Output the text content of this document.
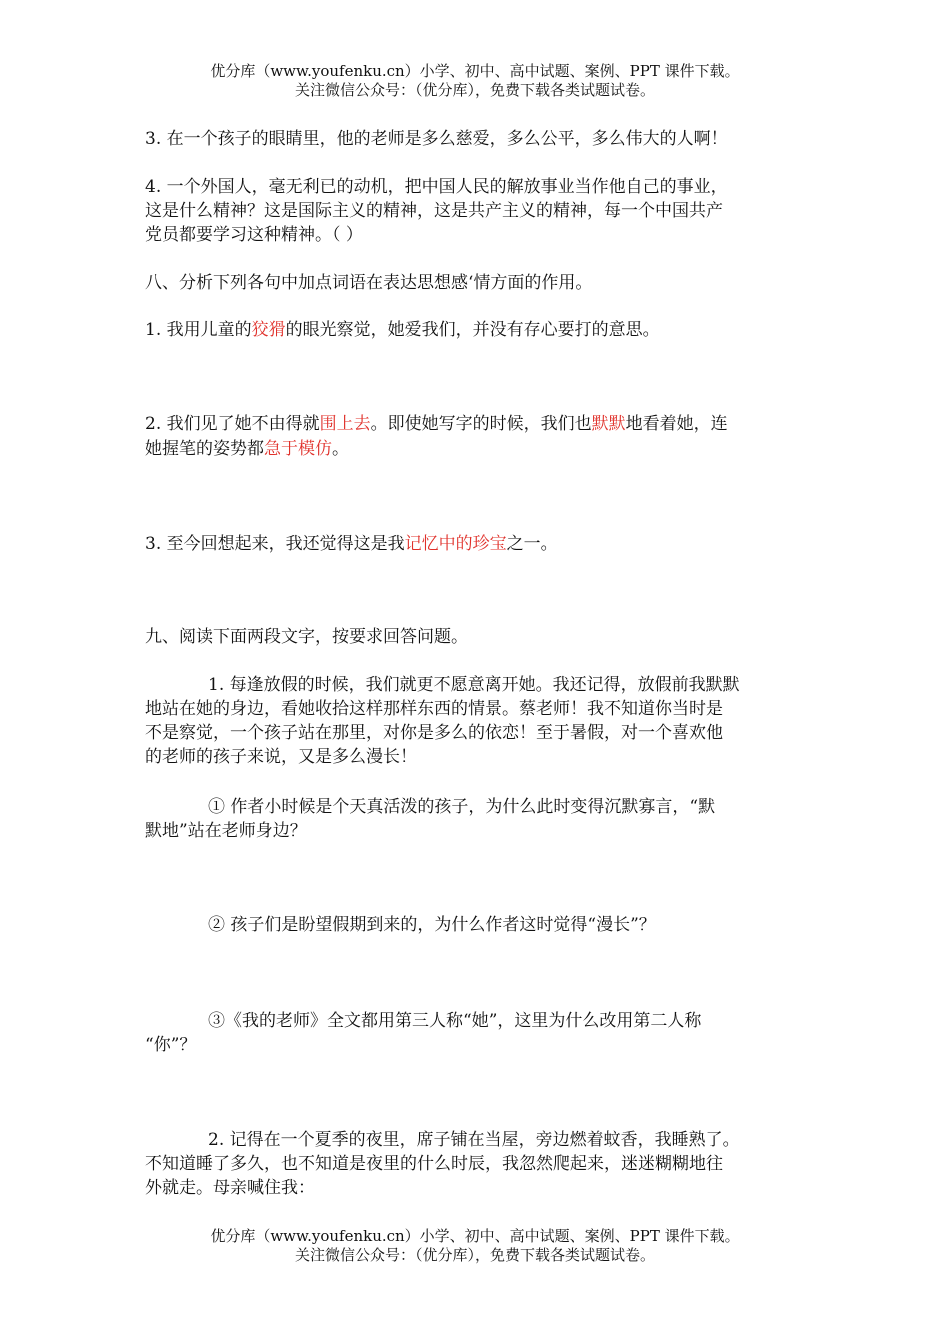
优分库（www.youfenku.cn）小学、初中、高中试题、案例、PPT 课件下载。
关注微信公众号：（优分库），免费下载各类试题试卷。
3. 在一个孩子的眼睛里，他的老师是多么慈爱，多么公平，多么伟大的人啊！
4. 一个外国人，毫无利已的动机，把中国人民的解放事业当作他自己的事业，
这是什么精神？这是国际主义的精神，这是共产主义的精神，每一个中国共产
党员都要学习这种精神。（ ）
八、分析下列各句中加点词语在表达思想感‘情方面的作用。
1. 我用儿童的狡猾的眼光察觉，她爱我们，并没有存心要打的意思。
2. 我们见了她不由得就围上去。即使她写字的时候，我们也默默地看着她，连
她握笔的姿势都急于模仿。
3. 至今回想起来，我还觉得这是我记忆中的珍宝之一。
九、阅读下面两段文字，按要求回答问题。
1. 每逢放假的时候，我们就更不愿意离开她。我还记得，放假前我默默
地站在她的身边，看她收拾这样那样东西的情景。蔡老师！我不知道你当时是
不是察觉，一个孩子站在那里，对你是多么的依恋！至于暑假，对一个喜欢他
的老师的孩子来说，又是多么漫长！
① 作者小时候是个天真活泼的孩子，为什么此时变得沉默寡言，“默
默地”站在老师身边？
② 孩子们是盼望假期到来的，为什么作者这时觉得“漫长”？
③《我的老师》全文都用第三人称“她”，这里为什么改用第二人称
“你”？
2. 记得在一个夏季的夜里，席子铺在当屋，旁边燃着蚊香，我睡熟了。
不知道睡了多久，也不知道是夜里的什么时辰，我忽然爬起来，迷迷糊糊地往
外就走。母亲喊住我：
优分库（www.youfenku.cn）小学、初中、高中试题、案例、PPT 课件下载。
关注微信公众号：（优分库），免费下载各类试题试卷。
